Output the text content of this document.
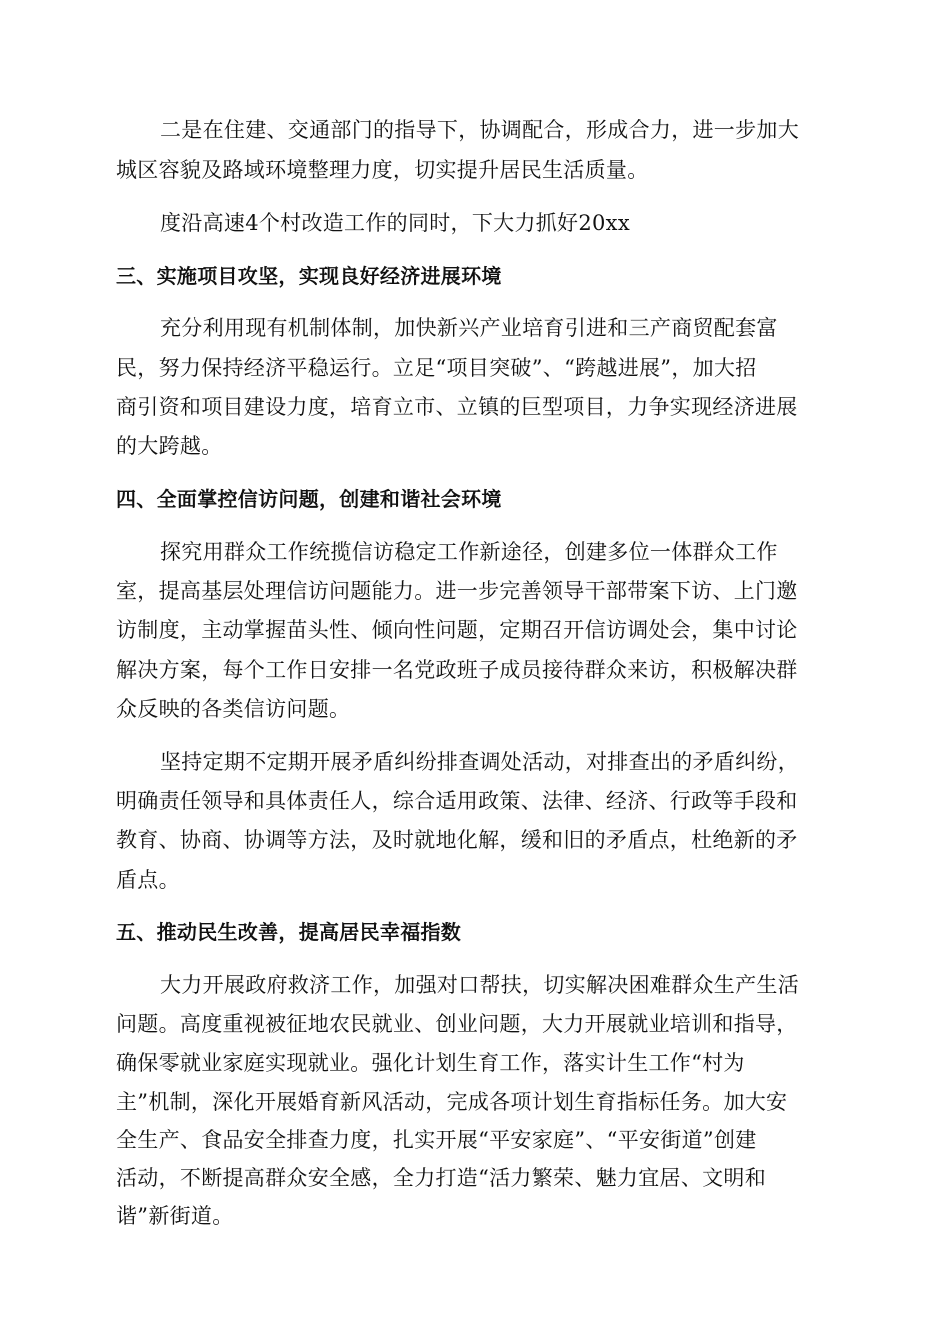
二是在住建、交通部门的指导下，协调配合，形成合力，进一步加大
城区容貌及路域环境整理力度，切实提升居民生活质量。
度沿高速4个村改造工作的同时，下大力抓好20xx
三、实施项目攻坚，实现良好经济进展环境
充分利用现有机制体制，加快新兴产业培育引进和三产商贸配套富
民，努力保持经济平稳运行。立足“项目突破”、“跨越进展”，加大招
商引资和项目建设力度，培育立市、立镇的巨型项目，力争实现经济进展
的大跨越。
四、全面掌控信访问题，创建和谐社会环境
探究用群众工作统揽信访稳定工作新途径，创建多位一体群众工作
室，提高基层处理信访问题能力。进一步完善领导干部带案下访、上门邀
访制度，主动掌握苗头性、倾向性问题，定期召开信访调处会，集中讨论
解决方案，每个工作日安排一名党政班子成员接待群众来访，积极解决群
众反映的各类信访问题。
坚持定期不定期开展矛盾纠纷排查调处活动，对排查出的矛盾纠纷，
明确责任领导和具体责任人，综合适用政策、法律、经济、行政等手段和
教育、协商、协调等方法，及时就地化解，缓和旧的矛盾点，杜绝新的矛
盾点。
五、推动民生改善，提高居民幸福指数
大力开展政府救济工作，加强对口帮扶，切实解决困难群众生产生活
问题。高度重视被征地农民就业、创业问题，大力开展就业培训和指导，
确保零就业家庭实现就业。强化计划生育工作，落实计生工作“村为
主”机制，深化开展婚育新风活动，完成各项计划生育指标任务。加大安
全生产、食品安全排查力度，扎实开展“平安家庭”、“平安街道”创建
活动，不断提高群众安全感，全力打造“活力繁荣、魅力宜居、文明和
谐”新街道。
